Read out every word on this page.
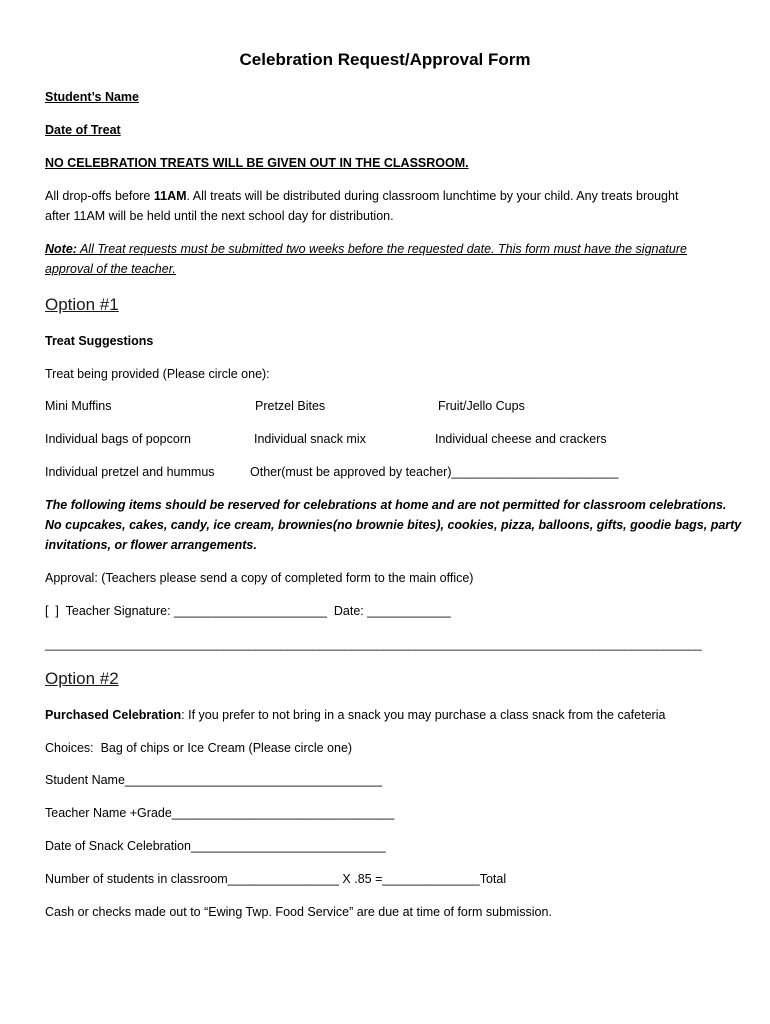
Celebration Request/Approval Form
Student’s Name
Date of Treat
NO CELEBRATION TREATS WILL BE GIVEN OUT IN THE CLASSROOM.
All drop-offs before 11AM. All treats will be distributed during classroom lunchtime by your child. Any treats brought
after 11AM will be held until the next school day for distribution.
Note: All Treat requests must be submitted two weeks before the requested date. This form must have the signature
approval of the teacher.
Option #1
Treat Suggestions
Treat being provided (Please circle one):
Mini Muffins	Pretzel Bites	Fruit/Jello Cups
Individual bags of popcorn	Individual snack mix	Individual cheese and crackers
Individual pretzel and hummus	Other(must be approved by teacher)________________________
The following items should be reserved for celebrations at home and are not permitted for classroom celebrations.
No cupcakes, cakes, candy, ice cream, brownies(no brownie bites), cookies, pizza, balloons, gifts, goodie bags, party
invitations, or flower arrangements.
Approval: (Teachers please send a copy of completed form to the main office)
[  ]  Teacher Signature: ______________________  Date: ____________
_______________________________________________________________________________________________________
Option #2
Purchased Celebration: If you prefer to not bring in a snack you may purchase a class snack from the cafeteria
Choices:  Bag of chips or Ice Cream (Please circle one)
Student Name_____________________________________
Teacher Name +Grade________________________________
Date of Snack Celebration____________________________
Number of students in classroom________________ X .85 =______________Total
Cash or checks made out to “Ewing Twp. Food Service” are due at time of form submission.
